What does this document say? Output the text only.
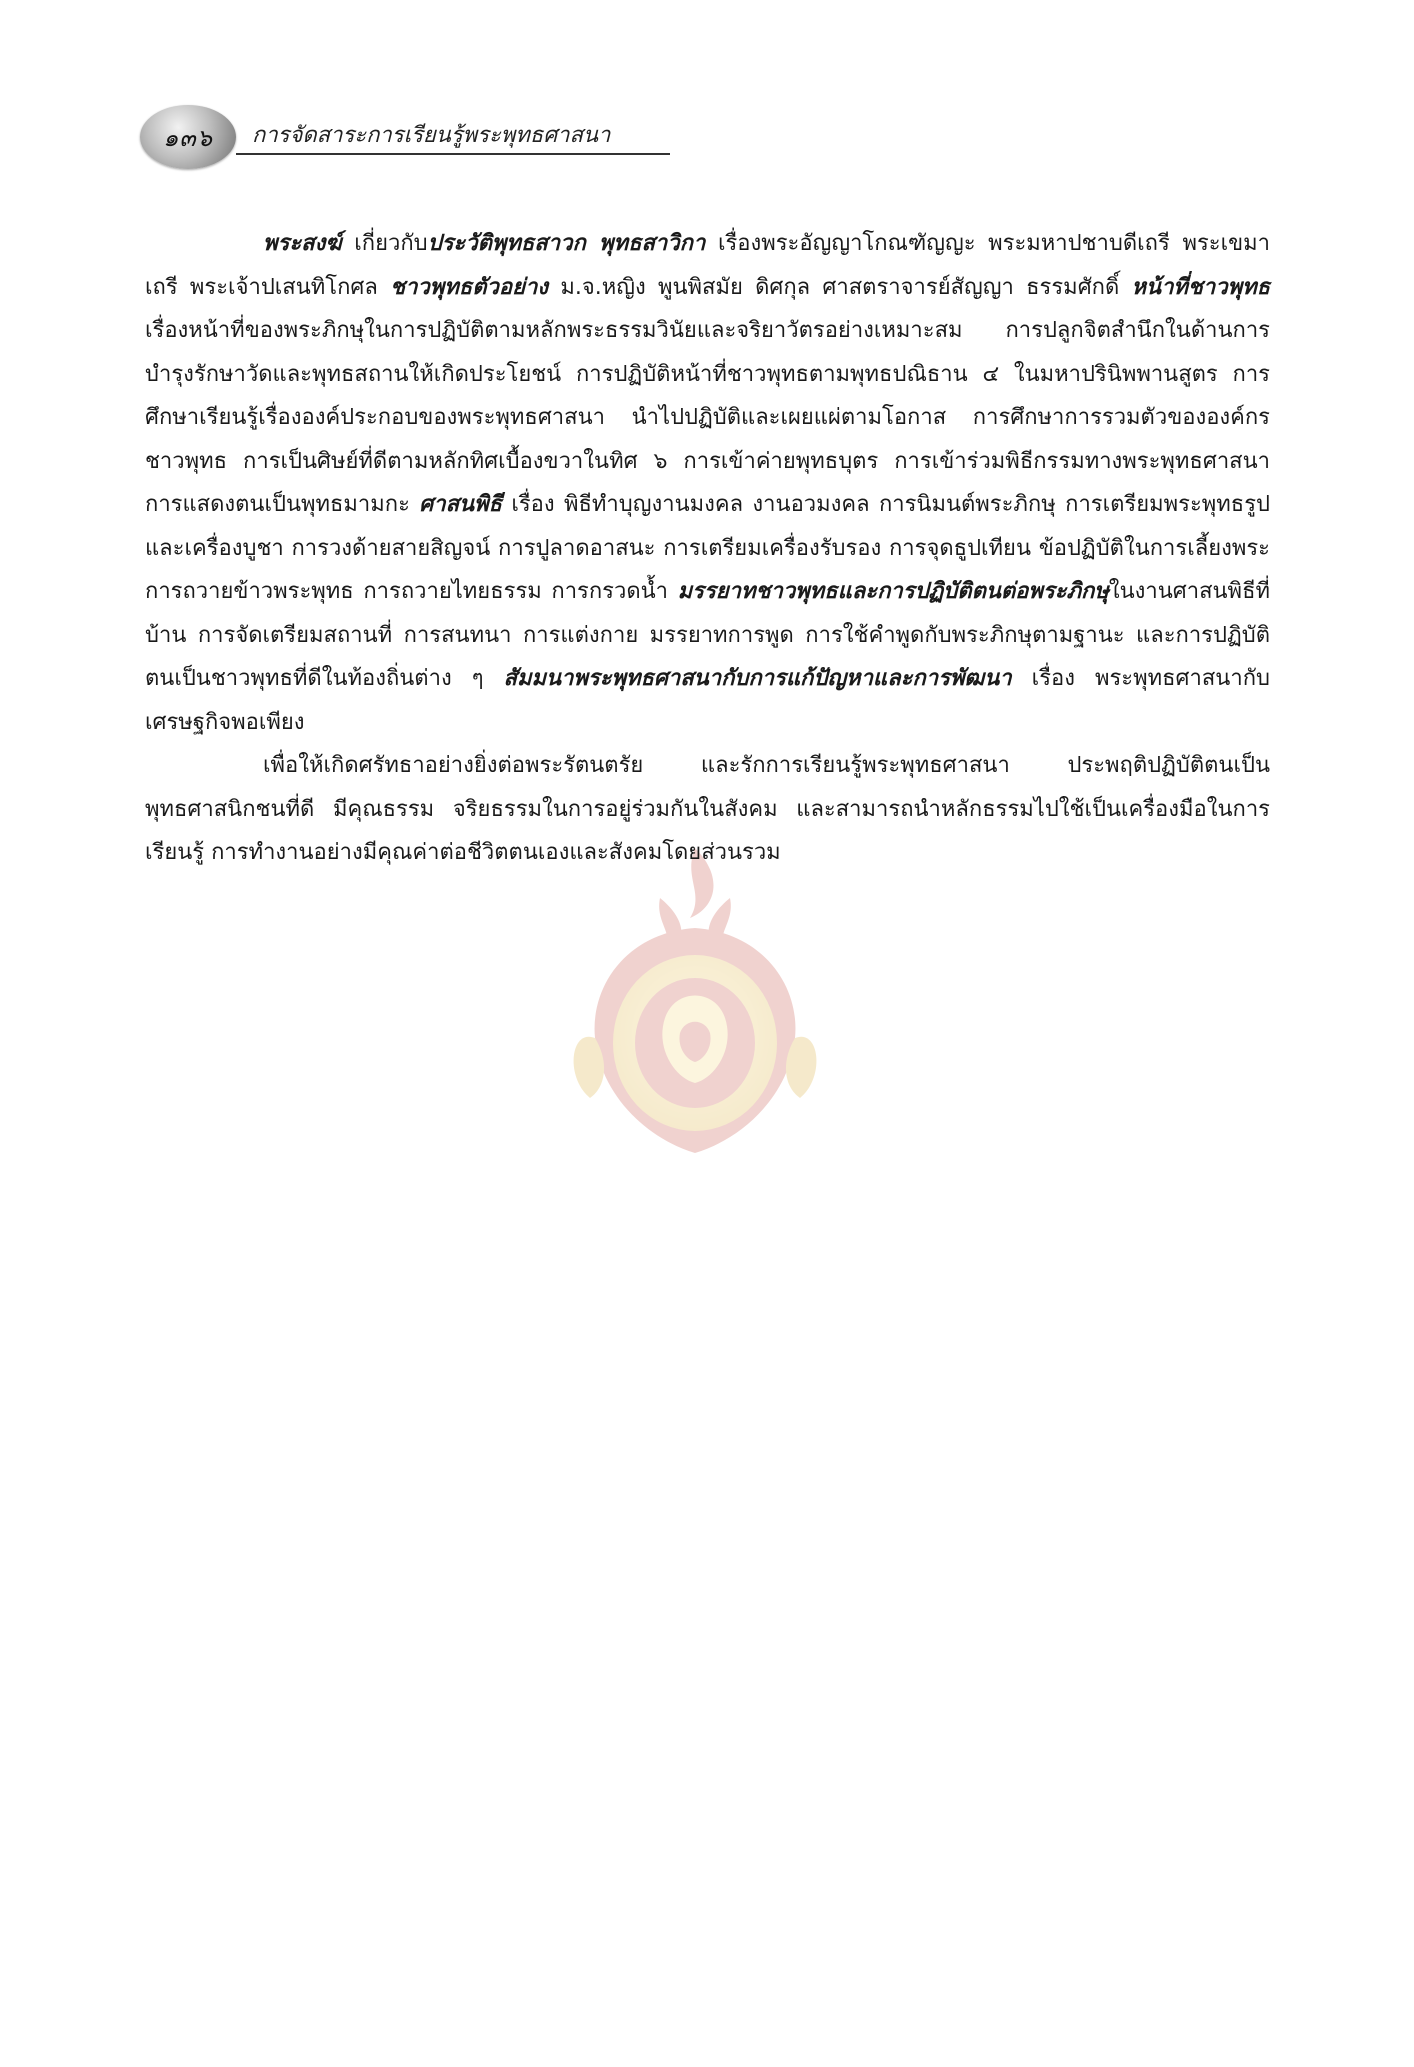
๑๓๖ การจัดสาระการเรียนรู้พระพุทธศาสนา

พระสงฆ์ เกี่ยวกับประวัติพุทธสาวก พุทธสาวิกา เรื่องพระอัญญาโกณฑัญญะ พระมหาปชาบดีเถรี พระเขมาเถรี พระเจ้าปเสนทิโกศล ชาวพุทธตัวอย่าง ม.จ.หญิง พูนพิสมัย ดิศกุล ศาสตราจารย์สัญญา ธรรมศักดิ์ หน้าที่ชาวพุทธ เรื่องหน้าที่ของพระภิกษุในการปฏิบัติตามหลักพระธรรมวินัยและจริยาวัตรอย่างเหมาะสม การปลูกจิตสำนึกในด้านการบำรุงรักษาวัดและพุทธสถานให้เกิดประโยชน์ การปฏิบัติหน้าที่ชาวพุทธตามพุทธปณิธาน ๔ ในมหาปรินิพพานสูตร การศึกษาเรียนรู้เรื่ององค์ประกอบของพระพุทธศาสนา นำไปปฏิบัติและเผยแผ่ตามโอกาส การศึกษาการรวมตัวขององค์กรชาวพุทธ การเป็นศิษย์ที่ดีตามหลักทิศเบื้องขวาในทิศ ๖ การเข้าค่ายพุทธบุตร การเข้าร่วมพิธีกรรมทางพระพุทธศาสนา การแสดงตนเป็นพุทธมามกะ ศาสนพิธี เรื่อง พิธีทำบุญงานมงคล งานอวมงคล การนิมนต์พระภิกษุ การเตรียมพระพุทธรูปและเครื่องบูชา การวงด้ายสายสิญจน์ การปูลาดอาสนะ การเตรียมเครื่องรับรอง การจุดธูปเทียน ข้อปฏิบัติในการเลี้ยงพระ การถวายข้าวพระพุทธ การถวายไทยธรรม การกรวดน้ำ มรรยาทชาวพุทธและการปฏิบัติตนต่อพระภิกษุในงานศาสนพิธีที่บ้าน การจัดเตรียมสถานที่ การสนทนา การแต่งกาย มรรยาทการพูด การใช้คำพูดกับพระภิกษุตามฐานะ และการปฏิบัติตนเป็นชาวพุทธที่ดีในท้องถิ่นต่าง ๆ สัมมนาพระพุทธศาสนากับการแก้ปัญหาและการพัฒนา เรื่อง พระพุทธศาสนากับเศรษฐกิจพอเพียง

เพื่อให้เกิดศรัทธาอย่างยิ่งต่อพระรัตนตรัย และรักการเรียนรู้พระพุทธศาสนา ประพฤติปฏิบัติตนเป็นพุทธศาสนิกชนที่ดี มีคุณธรรม จริยธรรมในการอยู่ร่วมกันในสังคม และสามารถนำหลักธรรมไปใช้เป็นเครื่องมือในการเรียนรู้ การทำงานอย่างมีคุณค่าต่อชีวิตตนเองและสังคมโดยส่วนรวม
